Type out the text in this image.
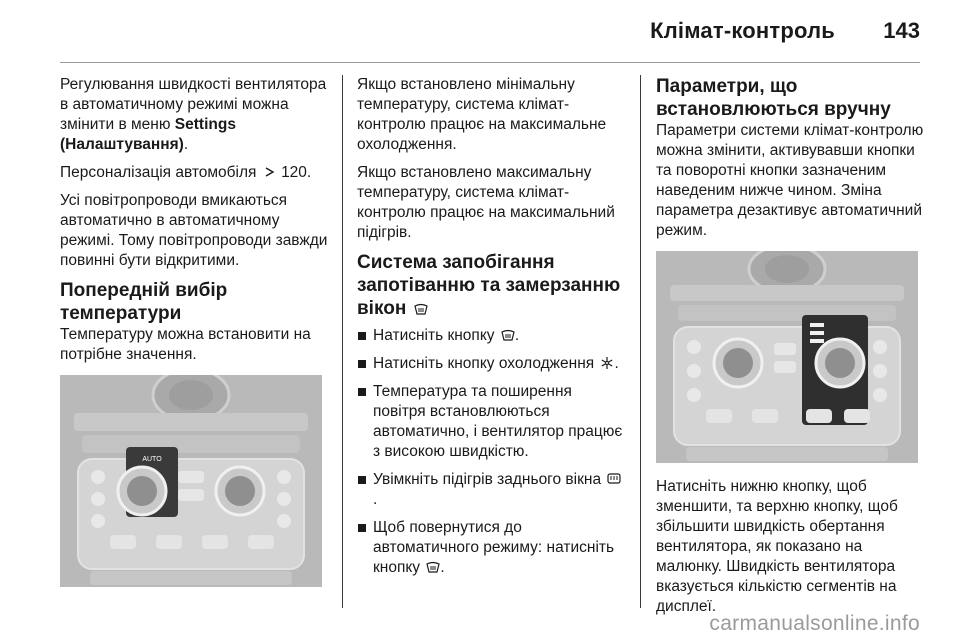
Клімат-контроль 143

Регулювання швидкості вентилятора в автоматичному режимі можна змінити в меню Settings (Налаштування).

Персоналізація автомобіля
120.

Усі повітропроводи вмикаються автоматично в автоматичному режимі. Тому повітропроводи завжди повинні бути відкритими.

Попередній вибір температури

Температуру можна встановити на потрібне значення.

AUTO

Якщо встановлено мінімальну температуру, система клімат-контролю працює на максимальне охолодження.

Якщо встановлено максимальну температуру, система клімат-контролю працює на максимальний підігрів.

Система запобігання запотіванню та замерзанню вікон
Натисніть кнопку
.
Натисніть кнопку охолодження
.
Температура та поширення повітря встановлюються автоматично, і вентилятор працює з високою швидкістю.
Увімкніть підігрів заднього вікна
.
Щоб повернутися до автоматичного режиму: натисніть кнопку
.
Параметри, що встановлюються вручну

Параметри системи клімат-контролю можна змінити, активувавши кнопки та поворотні кнопки зазначеним наведеним нижче чином. Зміна параметра дезактивує автоматичний режим.

Натисніть нижню кнопку, щоб зменшити, та верхню кнопку, щоб збільшити швидкість обертання вентилятора, як показано на малюнку. Швидкість вентилятора вказується кількістю сегментів на дисплеї.

carmanualsonline.info
